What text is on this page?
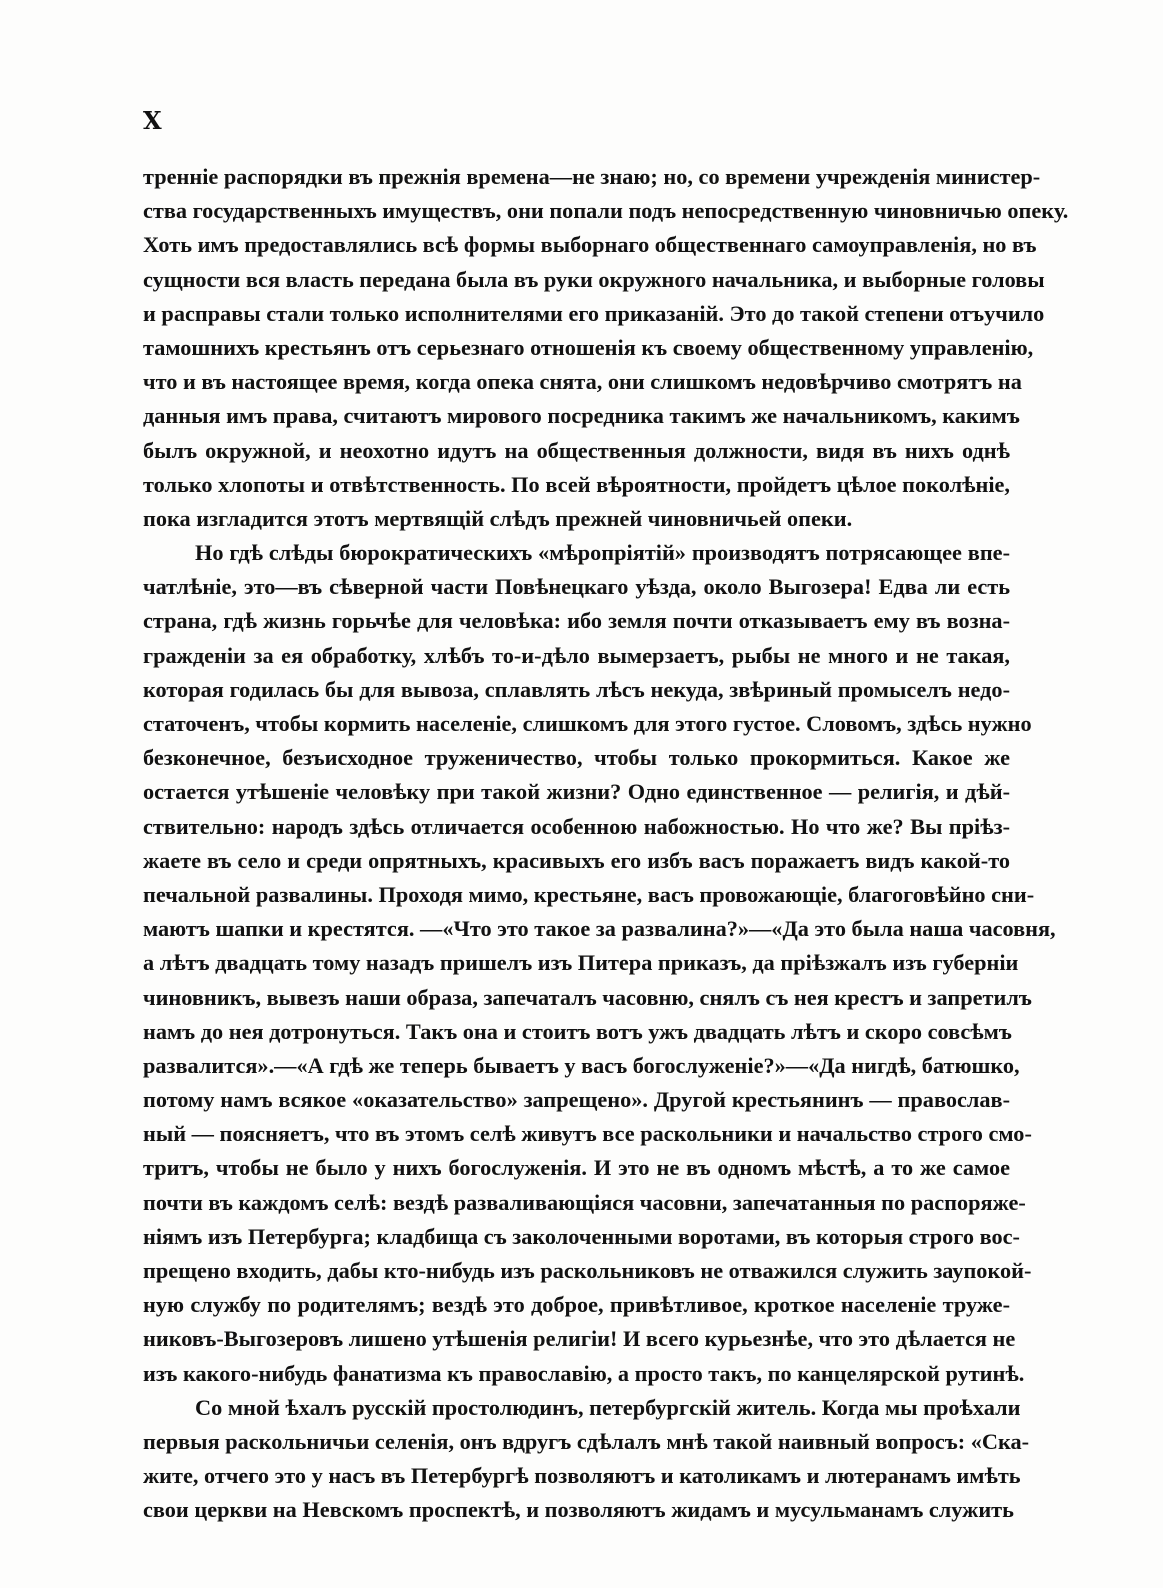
X
тренніе распорядки въ прежнія времена—не знаю; но, со времени учрежденія министер-
ства государственныхъ имуществъ, они попали подъ непосредственную чиновничью опеку.
Хоть имъ предоставлялись всѣ формы выборнаго общественнаго самоуправленія, но въ
сущности вся власть передана была въ руки окружного начальника, и выборные головы
и расправы стали только исполнителями его приказаній. Это до такой степени отъучило
тамошнихъ крестьянъ отъ серьезнаго отношенія къ своему общественному управленію,
что и въ настоящее время, когда опека снята, они слишкомъ недовѣрчиво смотрятъ на
данныя имъ права, считаютъ мирового посредника такимъ же начальникомъ, какимъ
былъ окружной, и неохотно идутъ на общественныя должности, видя въ нихъ однѣ
только хлопоты и отвѣтственность. По всей вѣроятности, пройдетъ цѣлое поколѣніе,
пока изгладится этотъ мертвящій слѣдъ прежней чиновничьей опеки.
Но гдѣ слѣды бюрократическихъ «мѣропріятій» производятъ потрясающее впе-
чатлѣніе, это—въ сѣверной части Повѣнецкаго уѣзда, около Выгозера! Едва ли есть
страна, гдѣ жизнь горьчѣе для человѣка: ибо земля почти отказываетъ ему въ возна-
гражденіи за ея обработку, хлѣбъ то-и-дѣло вымерзаетъ, рыбы не много и не такая,
которая годилась бы для вывоза, сплавлять лѣсъ некуда, звѣриный промыселъ недо-
статоченъ, чтобы кормить населеніе, слишкомъ для этого густое. Словомъ, здѣсь нужно
безконечное, безъисходное труженичество, чтобы только прокормиться. Какое же
остается утѣшеніе человѣку при такой жизни? Одно единственное — религія, и дѣй-
ствительно: народъ здѣсь отличается особенною набожностью. Но что же? Вы пріѣз-
жаете въ село и среди опрятныхъ, красивыхъ его избъ васъ поражаетъ видъ какой-то
печальной развалины. Проходя мимо, крестьяне, васъ провожающіе, благоговѣйно сни-
маютъ шапки и крестятся. —«Что это такое за развалина?»—«Да это была наша часовня,
а лѣтъ двадцать тому назадъ пришелъ изъ Питера приказъ, да пріѣзжалъ изъ губерніи
чиновникъ, вывезъ наши образа, запечаталъ часовню, снялъ съ нея крестъ и запретилъ
намъ до нея дотронуться. Такъ она и стоитъ вотъ ужъ двадцать лѣтъ и скоро совсѣмъ
развалится».—«А гдѣ же теперь бываетъ у васъ богослуженіе?»—«Да нигдѣ, батюшко,
потому намъ всякое «оказательство» запрещено». Другой крестьянинъ — православ-
ный — поясняетъ, что въ этомъ селѣ живутъ все раскольники и начальство строго смо-
тритъ, чтобы не было у нихъ богослуженія. И это не въ одномъ мѣстѣ, а то же самое
почти въ каждомъ селѣ: вездѣ разваливающіяся часовни, запечатанныя по распоряже-
ніямъ изъ Петербурга; кладбища съ заколоченными воротами, въ которыя строго вос-
прещено входить, дабы кто-нибудь изъ раскольниковъ не отважился служить заупокой-
ную службу по родителямъ; вездѣ это доброе, привѣтливое, кроткое населеніе труже-
никовъ-Выгозеровъ лишено утѣшенія религіи! И всего курьезнѣе, что это дѣлается не
изъ какого-нибудь фанатизма къ православію, а просто такъ, по канцелярской рутинѣ.
Со мной ѣхалъ русскій простолюдинъ, петербургскій житель. Когда мы проѣхали
первыя раскольничьи селенія, онъ вдругъ сдѣлалъ мнѣ такой наивный вопросъ: «Ска-
жите, отчего это у насъ въ Петербургѣ позволяютъ и католикамъ и лютеранамъ имѣть
свои церкви на Невскомъ проспектѣ, и позволяютъ жидамъ и мусульманамъ служить
